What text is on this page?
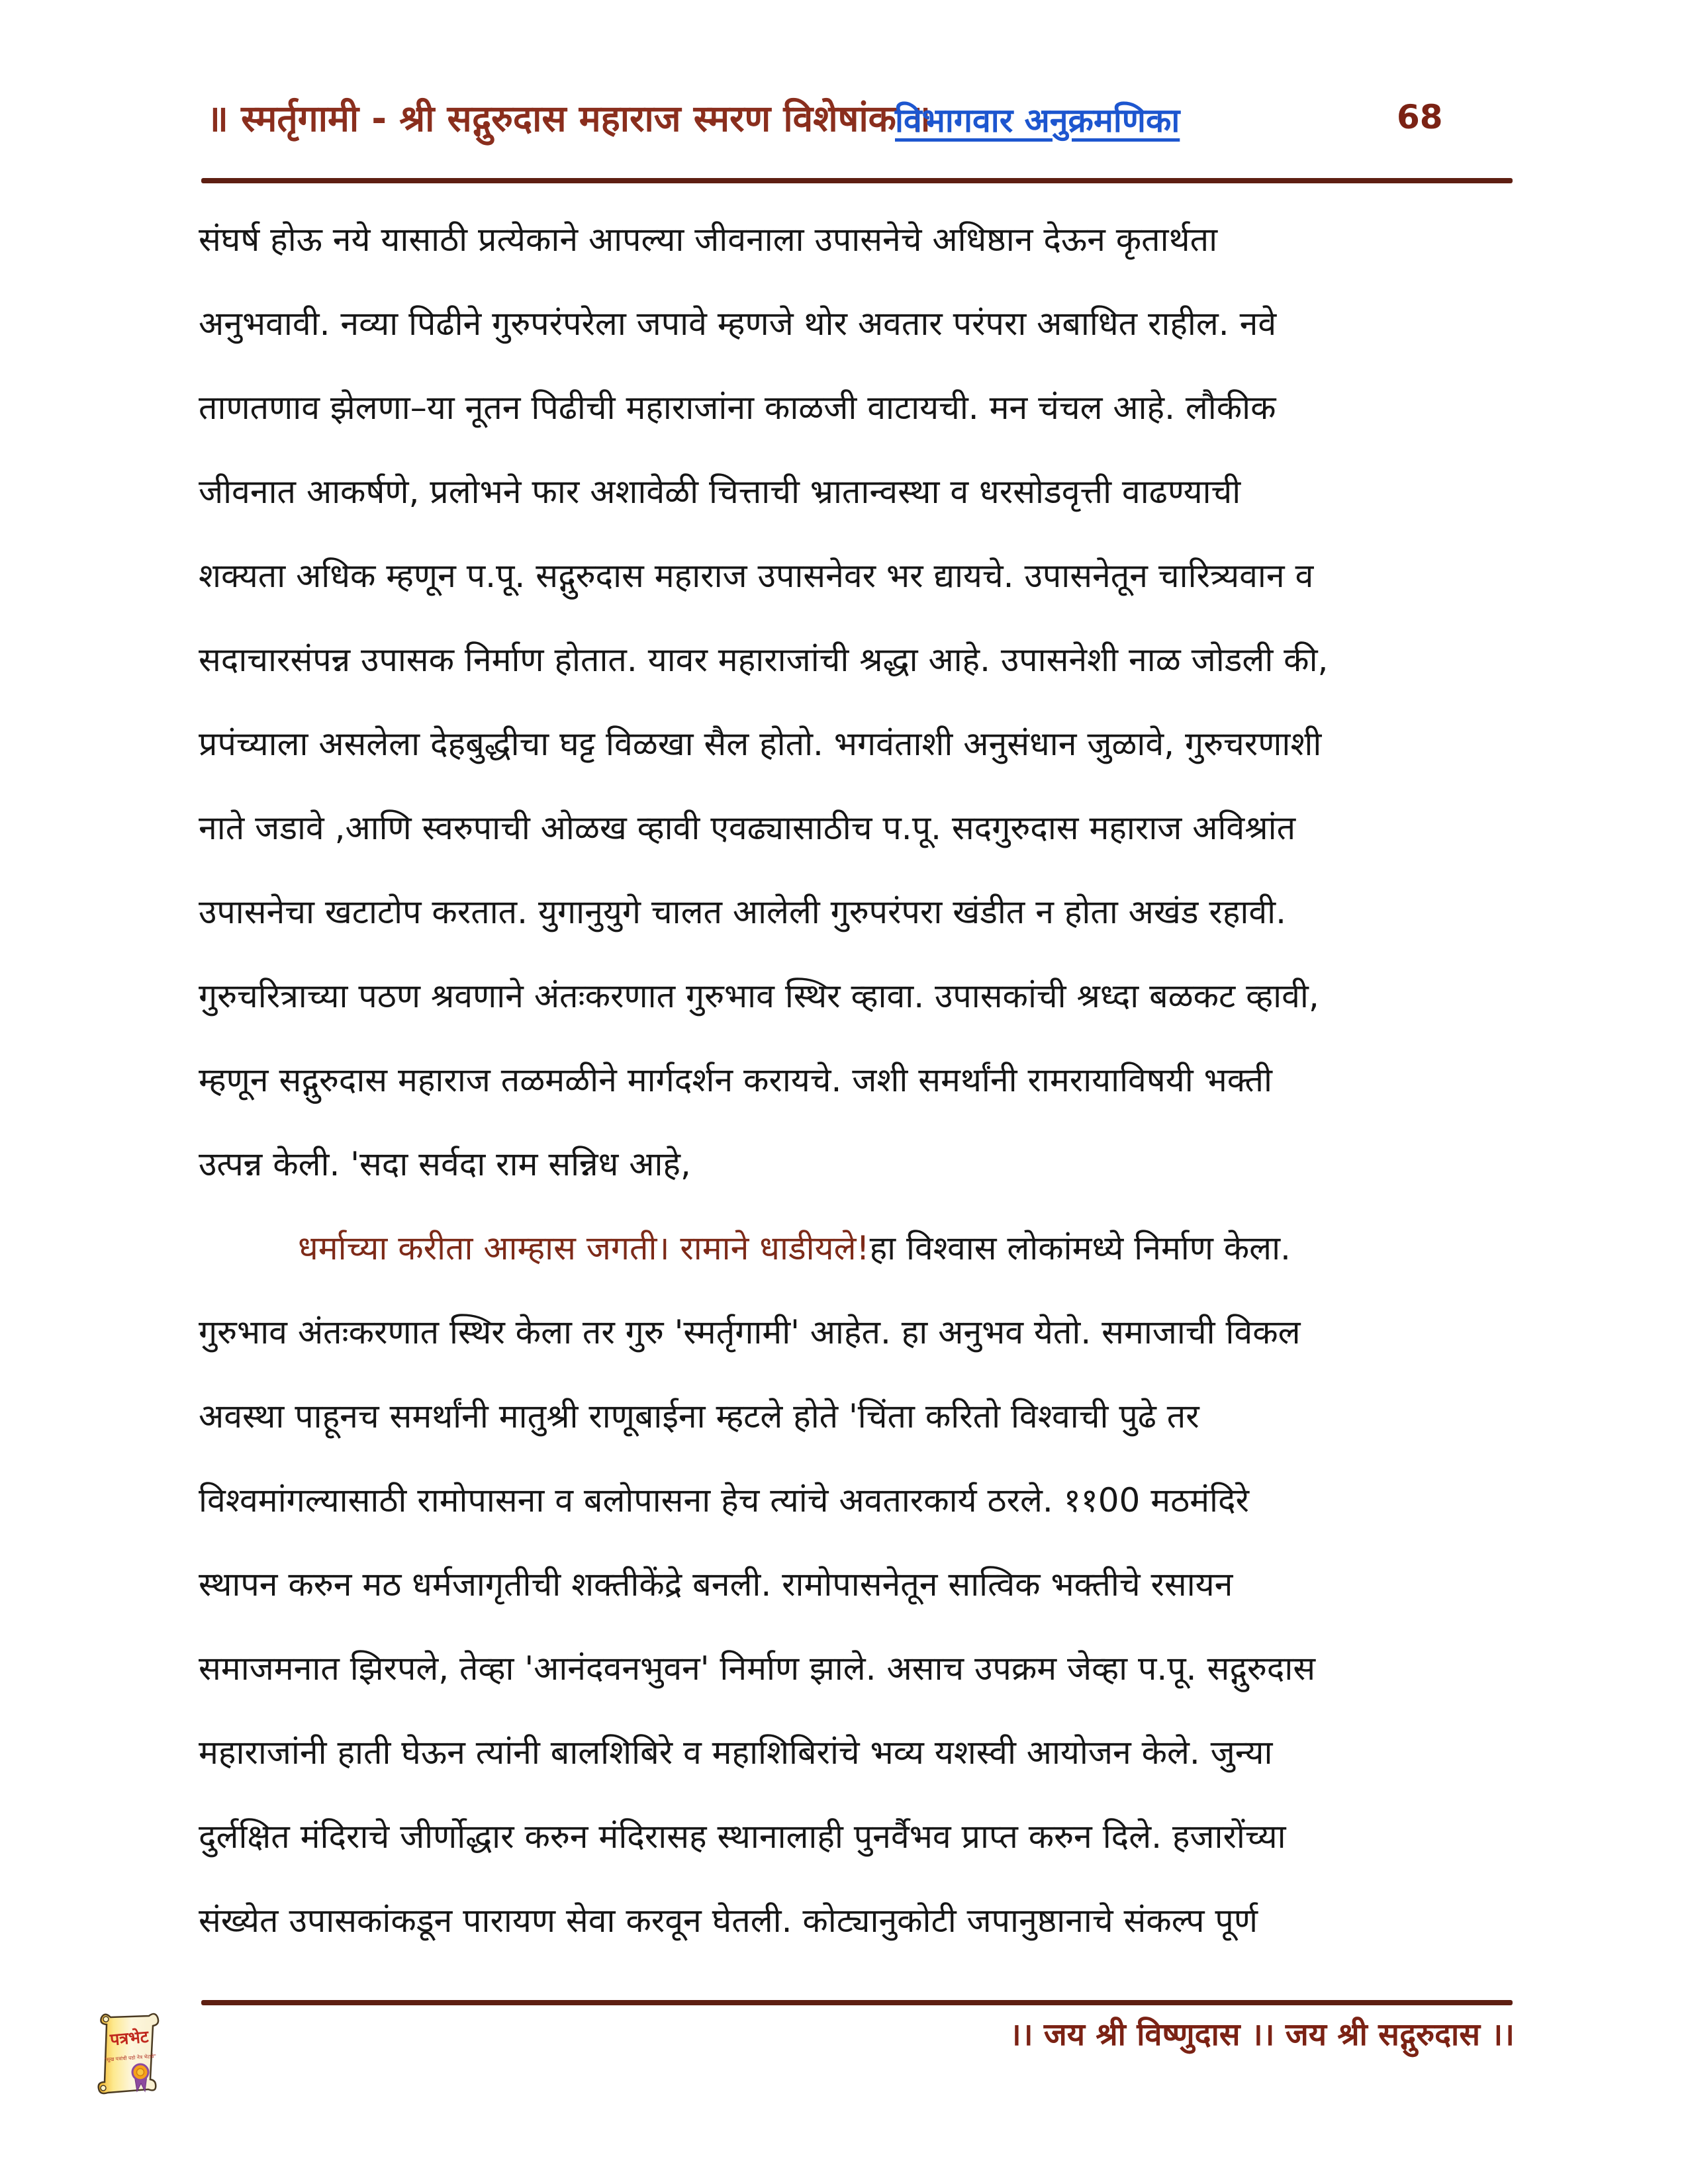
॥ स्मर्तृगामी - श्री सद्गुरुदास महाराज स्मरण विशेषांक ॥
विभागवार अनुक्रमणिका	68
संघर्ष होऊ नये यासाठी प्रत्येकाने आपल्या जीवनाला उपासनेचे अधिष्ठान देऊन कृतार्थता
अनुभवावी. नव्या पिढीने गुरुपरंपरेला जपावे म्हणजे थोर अवतार परंपरा अबाधित राहील. नवे
ताणतणाव झेलणा–या नूतन पिढीची महाराजांना काळजी वाटायची. मन चंचल आहे. लौकीक
जीवनात आकर्षणे, प्रलोभने फार अशावेळी चित्ताची भ्रातान्वस्था व धरसोडवृत्ती वाढण्याची
शक्यता अधिक म्हणून प.पू. सद्गुरुदास महाराज उपासनेवर भर द्यायचे. उपासनेतून चारित्र्यवान व
सदाचारसंपन्न उपासक निर्माण होतात. यावर महाराजांची श्रद्धा आहे. उपासनेशी नाळ जोडली की,
प्रपंच्याला असलेला देहबुद्धीचा घट्ट विळखा सैल होतो. भगवंताशी अनुसंधान जुळावे, गुरुचरणाशी
नाते जडावे ,आणि स्वरुपाची ओळख व्हावी एवढ्यासाठीच प.पू. सदगुरुदास महाराज अविश्रांत
उपासनेचा खटाटोप करतात. युगानुयुगे चालत आलेली गुरुपरंपरा खंडीत न होता अखंड रहावी.
गुरुचरित्राच्या पठण श्रवणाने अंतःकरणात गुरुभाव स्थिर व्हावा. उपासकांची श्रध्दा बळकट व्हावी,
म्हणून सद्गुरुदास महाराज तळमळीने मार्गदर्शन करायचे. जशी समर्थांनी रामरायाविषयी भक्ती
उत्पन्न केली. 'सदा सर्वदा राम सन्निध आहे,
धर्माच्या करीता आम्हास जगती। रामाने धाडीयले! हा विश्वास लोकांमध्ये निर्माण केला.
गुरुभाव अंतःकरणात स्थिर केला तर गुरु 'स्मर्तृगामी' आहेत. हा अनुभव येतो. समाजाची विकल
अवस्था पाहूनच समर्थांनी मातुश्री राणूबाईना म्हटले होते 'चिंता करितो विश्वाची पुढे तर
विश्वमांगल्यासाठी रामोपासना व बलोपासना हेच त्यांचे अवतारकार्य ठरले. ११00 मठमंदिरे
स्थापन करुन मठ धर्मजागृतीची शक्तीकेंद्रे बनली. रामोपासनेतून सात्विक भक्तीचे रसायन
समाजमनात झिरपले, तेव्हा 'आनंदवनभुवन' निर्माण झाले. असाच उपक्रम जेव्हा प.पू. सद्गुरुदास
महाराजांनी हाती घेऊन त्यांनी बालशिबिरे व महाशिबिरांचे भव्य यशस्वी आयोजन केले. जुन्या
दुर्लक्षित मंदिराचे जीर्णोद्धार करुन मंदिरासह स्थानालाही पुनर्वैभव प्राप्त करुन दिले. हजारोंच्या
संख्येत उपासकांकडून पारायण सेवा करवून घेतली. कोट्यानुकोटी जपानुष्ठानाचे संकल्प पूर्ण
।। जय श्री विष्णुदास ।। जय श्री सद्गुरुदास ।।
पत्रभेट
"सुख पत्रांची घडो नेत्र भेटावे"
